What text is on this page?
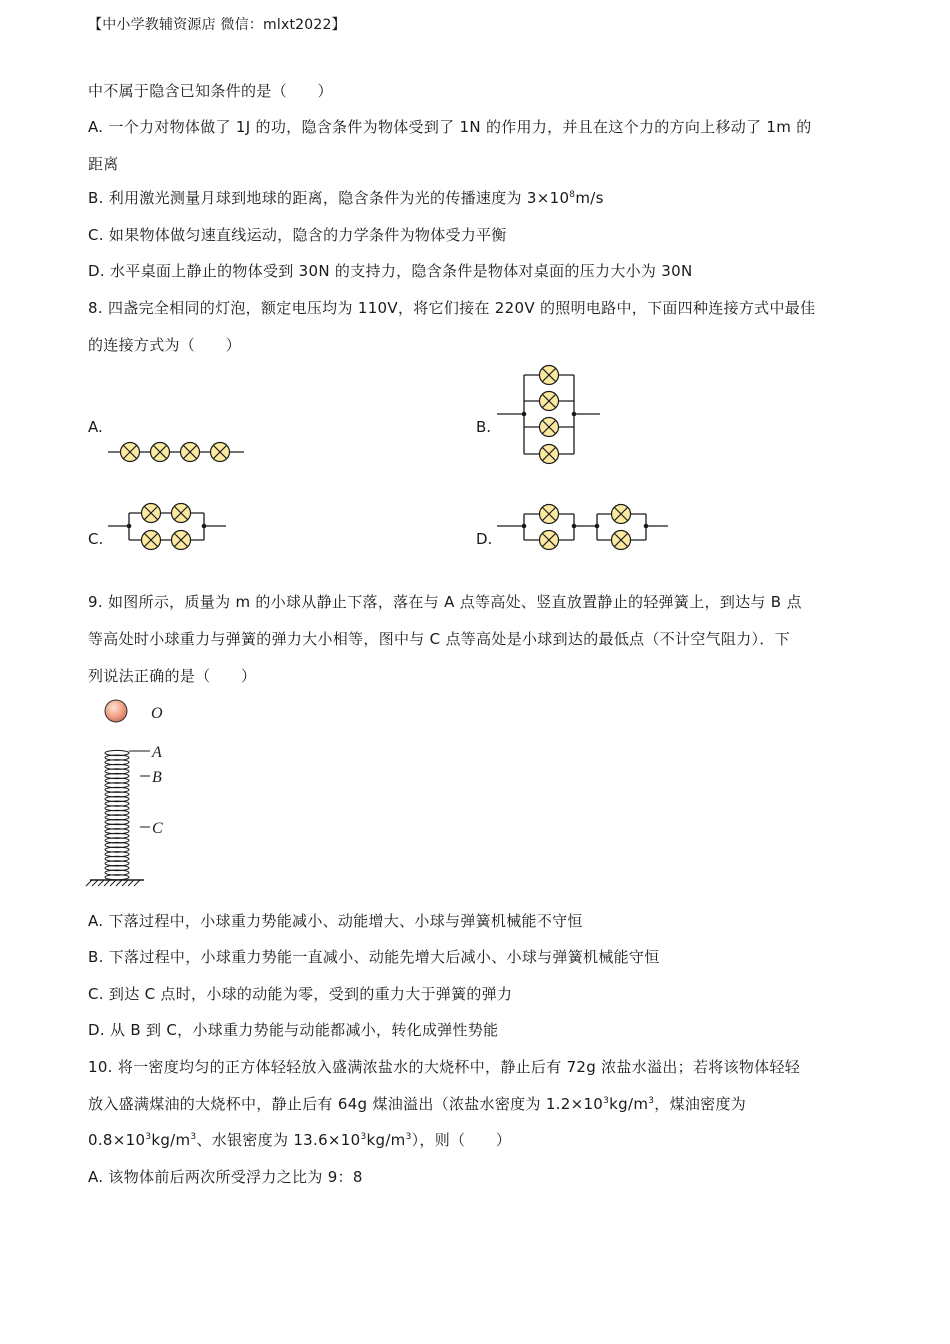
【中小学教辅资源店 微信：mlxt2022】
中不属于隐含已知条件的是（　　）
A. 一个力对物体做了 1J 的功，隐含条件为物体受到了 1N 的作用力，并且在这个力的方向上移动了 1m 的
距离
B. 利用激光测量月球到地球的距离，隐含条件为光的传播速度为 $3\times 10^8m/s$
C. 如果物体做匀速直线运动，隐含的力学条件为物体受力平衡
D. 水平桌面上静止的物体受到 30N 的支持力，隐含条件是物体对桌面的压力大小为 30N
8. 四盏完全相同的灯泡，额定电压均为 110V，将它们接在 220V 的照明电路中，下面四种连接方式中最佳
的连接方式为（　　）
A.	B.
C.	D.
9. 如图所示，质量为 m 的小球从静止下落，落在与 A 点等高处、竖直放置静止的轻弹簧上，到达与 B 点
等高处时小球重力与弹簧的弹力大小相等，图中与 C 点等高处是小球到达的最低点（不计空气阻力）．下
列说法正确的是（　　）
O
A
B
C
A. 下落过程中，小球重力势能减小、动能增大、小球与弹簧机械能不守恒
B. 下落过程中，小球重力势能一直减小、动能先增大后减小、小球与弹簧机械能守恒
C. 到达 C 点时，小球的动能为零，受到的重力大于弹簧的弹力
D. 从 B 到 C，小球重力势能与动能都减小，转化成弹性势能
10. 将一密度均匀的正方体轻轻放入盛满浓盐水的大烧杯中，静止后有 72g 浓盐水溢出；若将该物体轻轻
放入盛满煤油的大烧杯中，静止后有 64g 煤油溢出（浓盐水密度为 $1.2\times 10^3kg/m^3$，煤油密度为
$0.8\times 10^3kg/m^3$、水银密度为 $13.6\times 10^3kg/m^3$），则（　　）
A. 该物体前后两次所受浮力之比为 9：8
